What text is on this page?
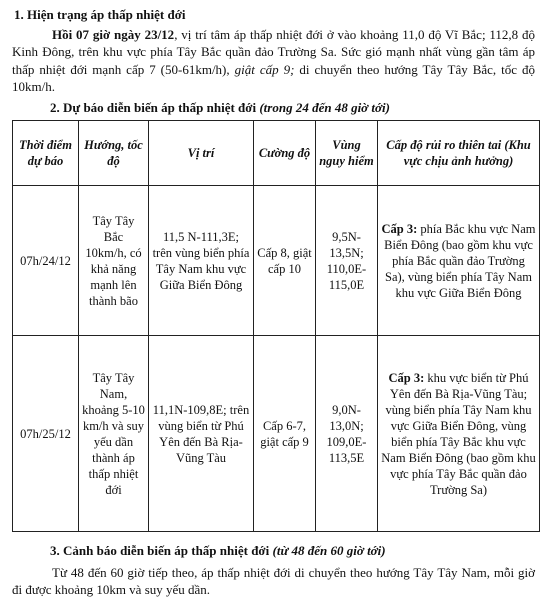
1. Hiện trạng áp thấp nhiệt đới

Hồi 07 giờ ngày 23/12, vị trí tâm áp thấp nhiệt đới ở vào khoảng 11,0 độ Vĩ Bắc; 112,8 độ Kinh Đông, trên khu vực phía Tây Bắc quần đảo Trường Sa. Sức gió mạnh nhất vùng gần tâm áp thấp nhiệt đới mạnh cấp 7 (50-61km/h), giật cấp 9; di chuyển theo hướng Tây Tây Bắc, tốc độ 10km/h.

2. Dự báo diễn biến áp thấp nhiệt đới (trong 24 đến 48 giờ tới)
Thời điểm dự báo	Hướng, tốc độ	Vị trí	Cường độ	Vùng nguy hiểm	Cấp độ rủi ro thiên tai (Khu vực chịu ảnh hưởng)
07h/24/12	Tây Tây Bắc 10km/h, có khả năng mạnh lên thành bão	11,5 N-111,3E; trên vùng biển phía Tây Nam khu vực Giữa Biển Đông	Cấp 8, giật cấp 10	9,5N-13,5N; 110,0E-115,0E	Cấp 3: phía Bắc khu vực Nam Biển Đông (bao gồm khu vực phía Bắc quần đảo Trường Sa), vùng biển phía Tây Nam khu vực Giữa Biển Đông
07h/25/12	Tây Tây Nam, khoảng 5-10 km/h và suy yếu dần thành áp thấp nhiệt đới	11,1N-109,8E; trên vùng biển từ Phú Yên đến Bà Rịa-Vũng Tàu	Cấp 6-7, giật cấp 9	9,0N-13,0N; 109,0E-113,5E	Cấp 3: khu vực biển từ Phú Yên đến Bà Rịa-Vũng Tàu; vùng biển phía Tây Nam khu vực Giữa Biển Đông, vùng biển phía Tây Bắc khu vực Nam Biển Đông (bao gồm khu vực phía Tây Bắc quần đảo Trường Sa)
3. Cảnh báo diễn biến áp thấp nhiệt đới (từ 48 đến 60 giờ tới)

Từ 48 đến 60 giờ tiếp theo, áp thấp nhiệt đới di chuyển theo hướng Tây Tây Nam, mỗi giờ đi được khoảng 10km và suy yếu dần.
